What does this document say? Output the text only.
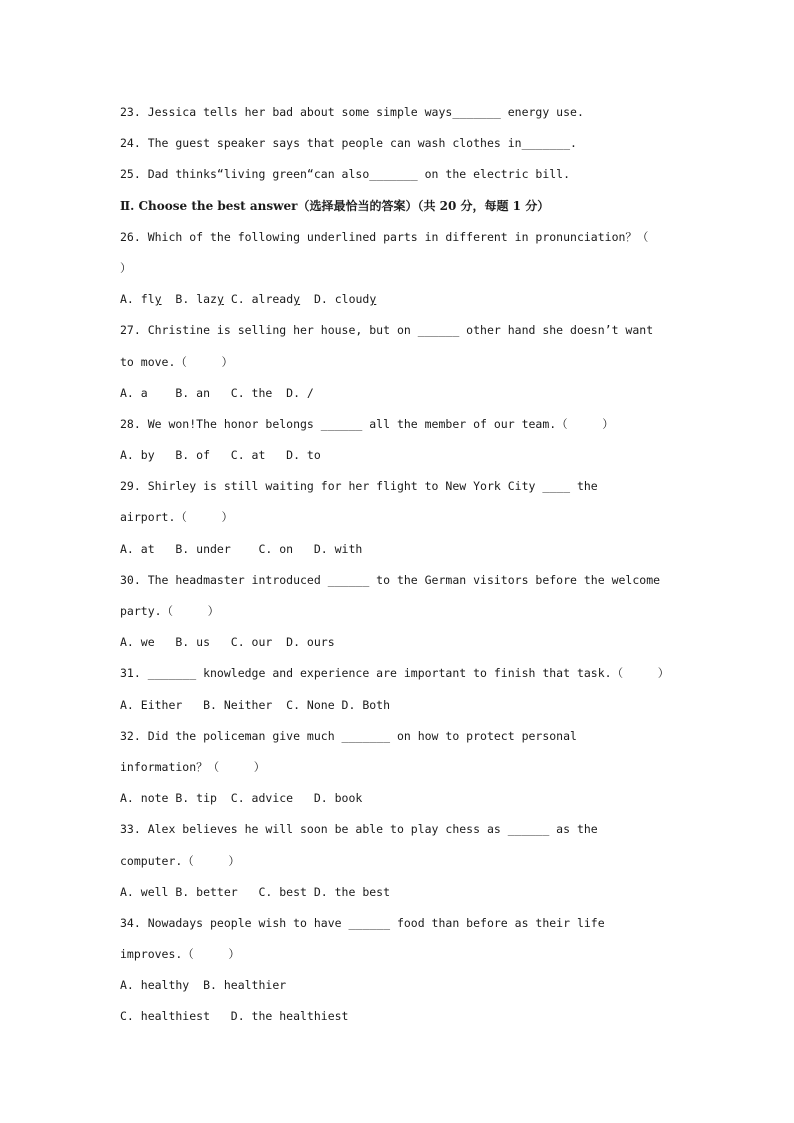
23. Jessica tells her bad about some simple ways_______ energy use.
24. The guest speaker says that people can wash clothes in_______.
25. Dad thinks“living green“can also_______ on the electric bill.
Ⅱ. Choose the best answer（选择最恰当的答案）（共 20 分，每题 1 分）
26. Which of the following underlined parts in different in pronunciation？（
）
A. fly B. lazy C. already D. cloudy
27. Christine is selling her house, but on ______ other hand she doesn’t want
to move.（     ）
A. a    B. an   C. the  D. /
28. We won!The honor belongs ______ all the member of our team.（     ）
A. by   B. of   C. at   D. to
29. Shirley is still waiting for her flight to New York City ____ the
airport.（     ）
A. at   B. under    C. on   D. with
30. The headmaster introduced ______ to the German visitors before the welcome
party.（     ）
A. we   B. us   C. our  D. ours
31. _______ knowledge and experience are important to finish that task.（     ）
A. Either   B. Neither  C. None D. Both
32. Did the policeman give much _______ on how to protect personal
information？（     ）
A. note B. tip  C. advice   D. book
33. Alex believes he will soon be able to play chess as ______ as the
computer.（     ）
A. well B. better   C. best D. the best
34. Nowadays people wish to have ______ food than before as their life
improves.（     ）
A. healthy  B. healthier
C. healthiest   D. the healthiest
